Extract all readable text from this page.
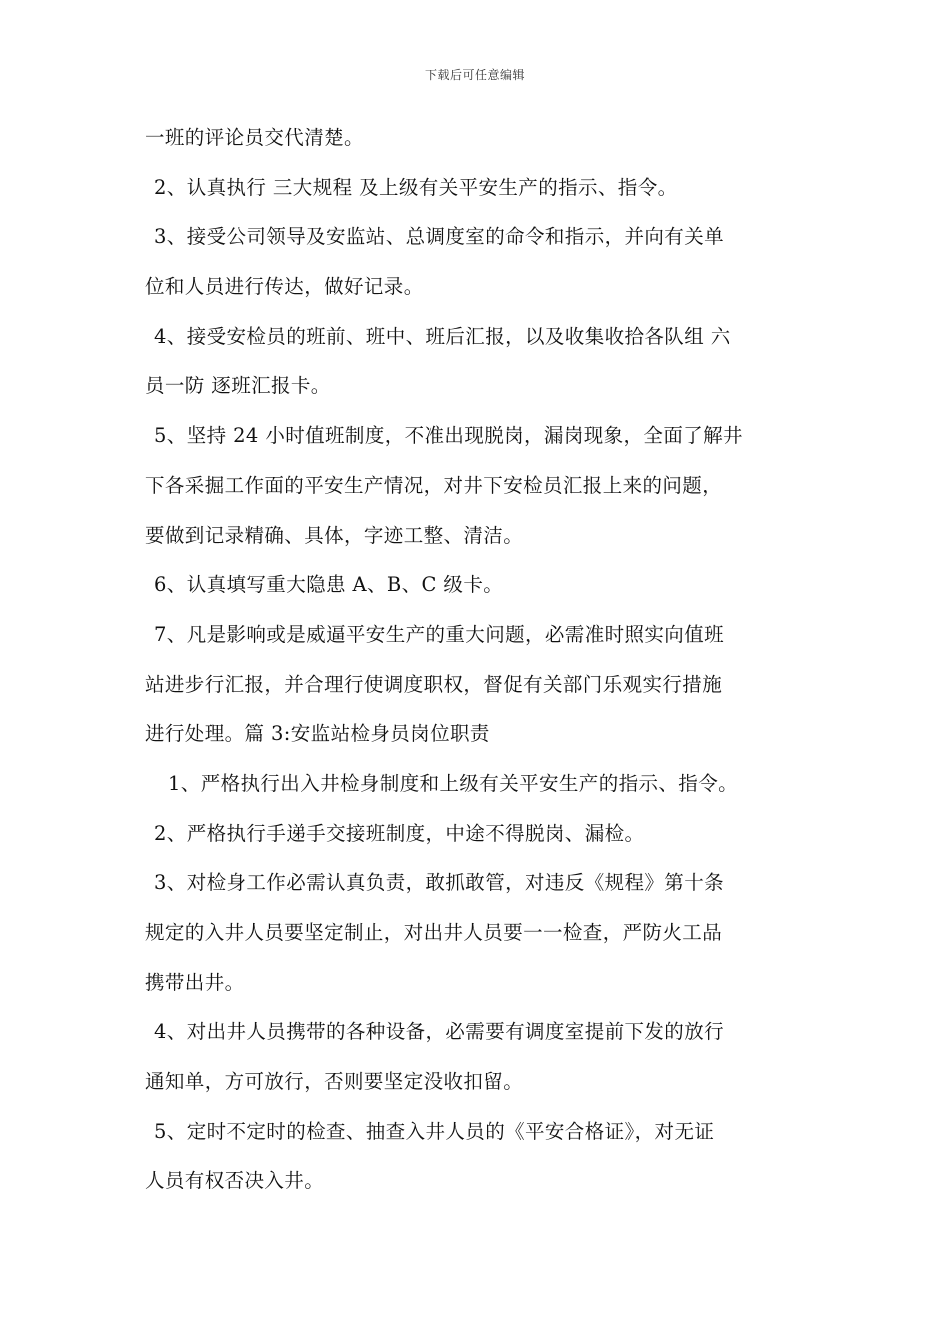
下载后可任意编辑
一班的评论员交代清楚。
2、认真执行 三大规程 及上级有关平安生产的指示、指令。
3、接受公司领导及安监站、总调度室的命令和指示，并向有关单
位和人员进行传达，做好记录。
4、接受安检员的班前、班中、班后汇报，以及收集收拾各队组 六
员一防 逐班汇报卡。
5、坚持 24 小时值班制度，不准出现脱岗，漏岗现象，全面了解井
下各采掘工作面的平安生产情况，对井下安检员汇报上来的问题，
要做到记录精确、具体，字迹工整、清洁。
6、认真填写重大隐患 A、B、C 级卡。
7、凡是影响或是威逼平安生产的重大问题，必需准时照实向值班
站进步行汇报，并合理行使调度职权，督促有关部门乐观实行措施
进行处理。篇 3:安监站检身员岗位职责
1、严格执行出入井检身制度和上级有关平安生产的指示、指令。
2、严格执行手递手交接班制度，中途不得脱岗、漏检。
3、对检身工作必需认真负责，敢抓敢管，对违反《规程》第十条
规定的入井人员要坚定制止，对出井人员要一一检查，严防火工品
携带出井。
4、对出井人员携带的各种设备，必需要有调度室提前下发的放行
通知单，方可放行，否则要坚定没收扣留。
5、定时不定时的检查、抽查入井人员的《平安合格证》，对无证
人员有权否决入井。
